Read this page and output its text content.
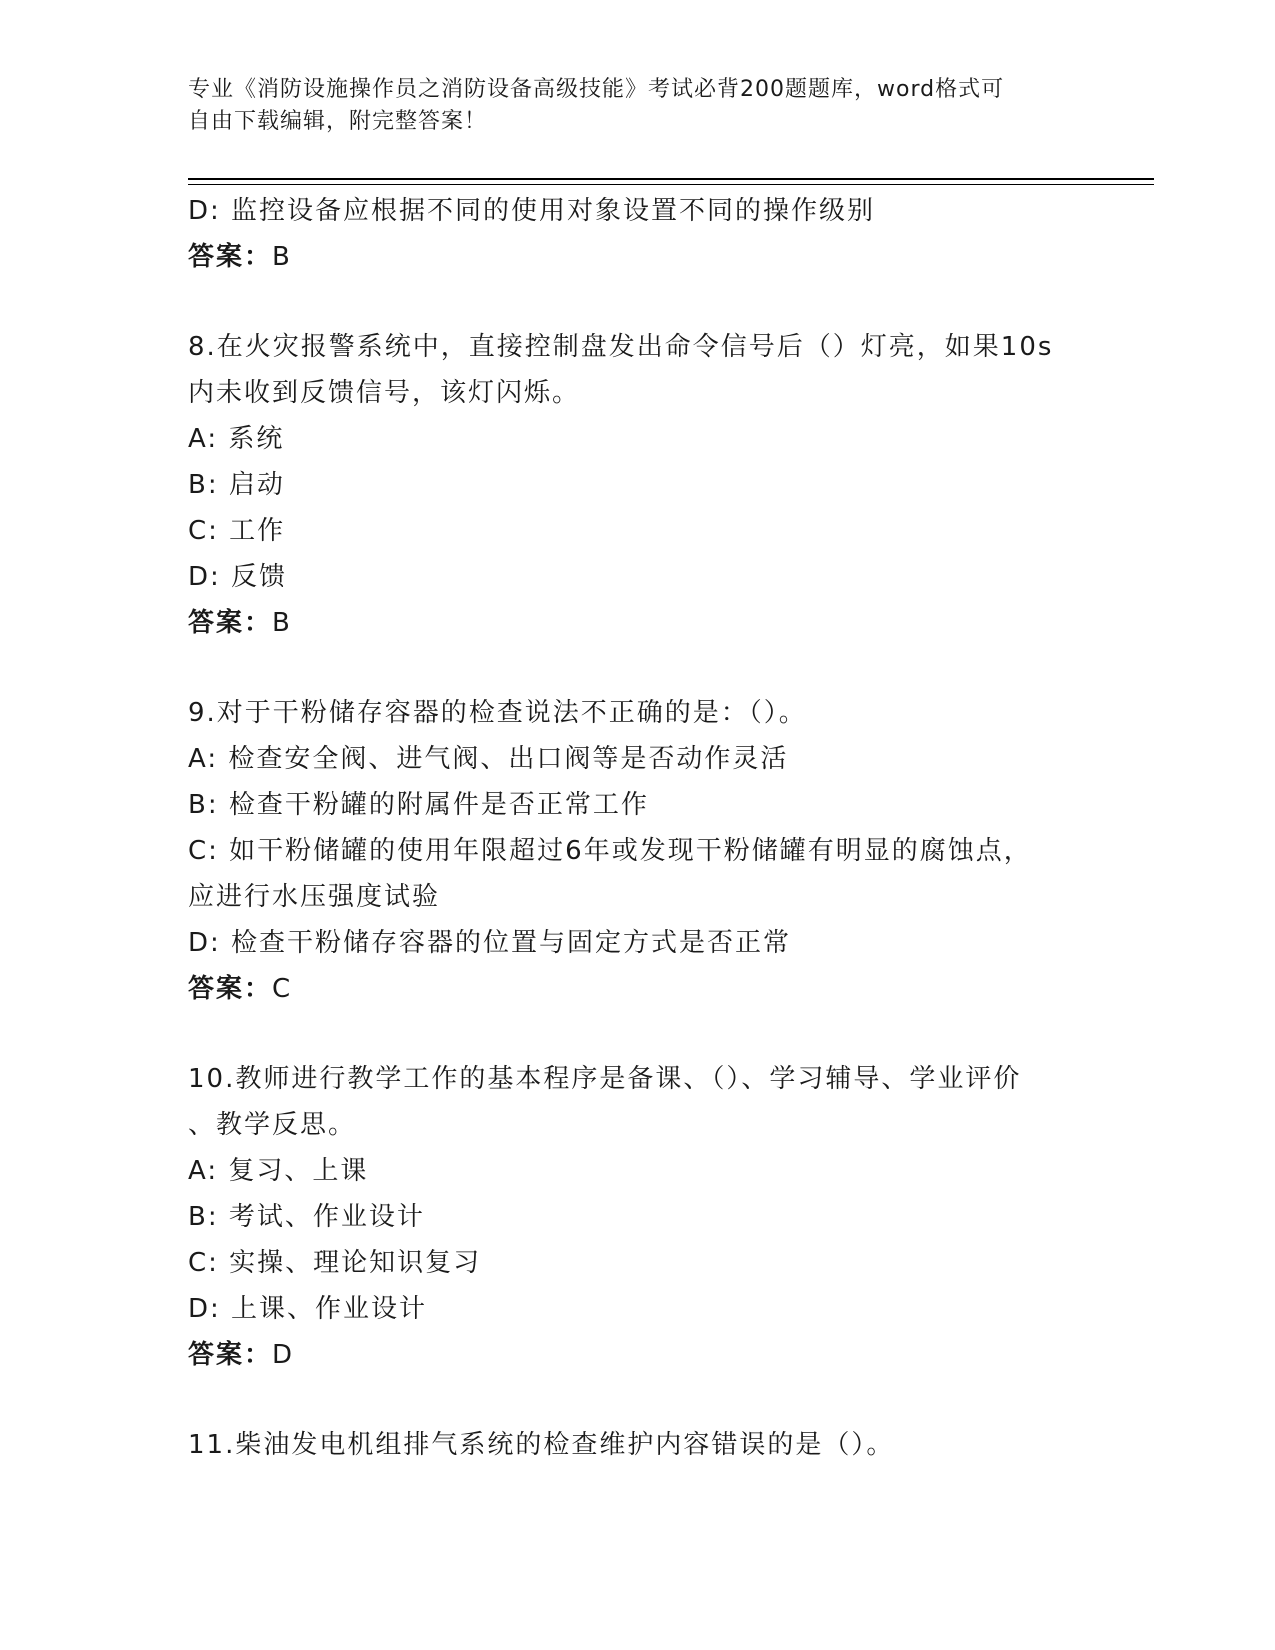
专业《消防设施操作员之消防设备高级技能》考试必背200题题库，word格式可
自由下载编辑，附完整答案！
D: 监控设备应根据不同的使用对象设置不同的操作级别
答案：B
8.在火灾报警系统中，直接控制盘发出命令信号后（）灯亮，如果10s
内未收到反馈信号，该灯闪烁。
A: 系统
B: 启动
C: 工作
D: 反馈
答案：B
9.对于干粉储存容器的检查说法不正确的是：（）。
A: 检查安全阀、进气阀、出口阀等是否动作灵活
B: 检查干粉罐的附属件是否正常工作
C: 如干粉储罐的使用年限超过6年或发现干粉储罐有明显的腐蚀点，
应进行水压强度试验
D: 检查干粉储存容器的位置与固定方式是否正常
答案：C
10.教师进行教学工作的基本程序是备课、（）、学习辅导、学业评价
、教学反思。
A: 复习、上课
B: 考试、作业设计
C: 实操、理论知识复习
D: 上课、作业设计
答案：D
11.柴油发电机组排气系统的检查维护内容错误的是（）。
